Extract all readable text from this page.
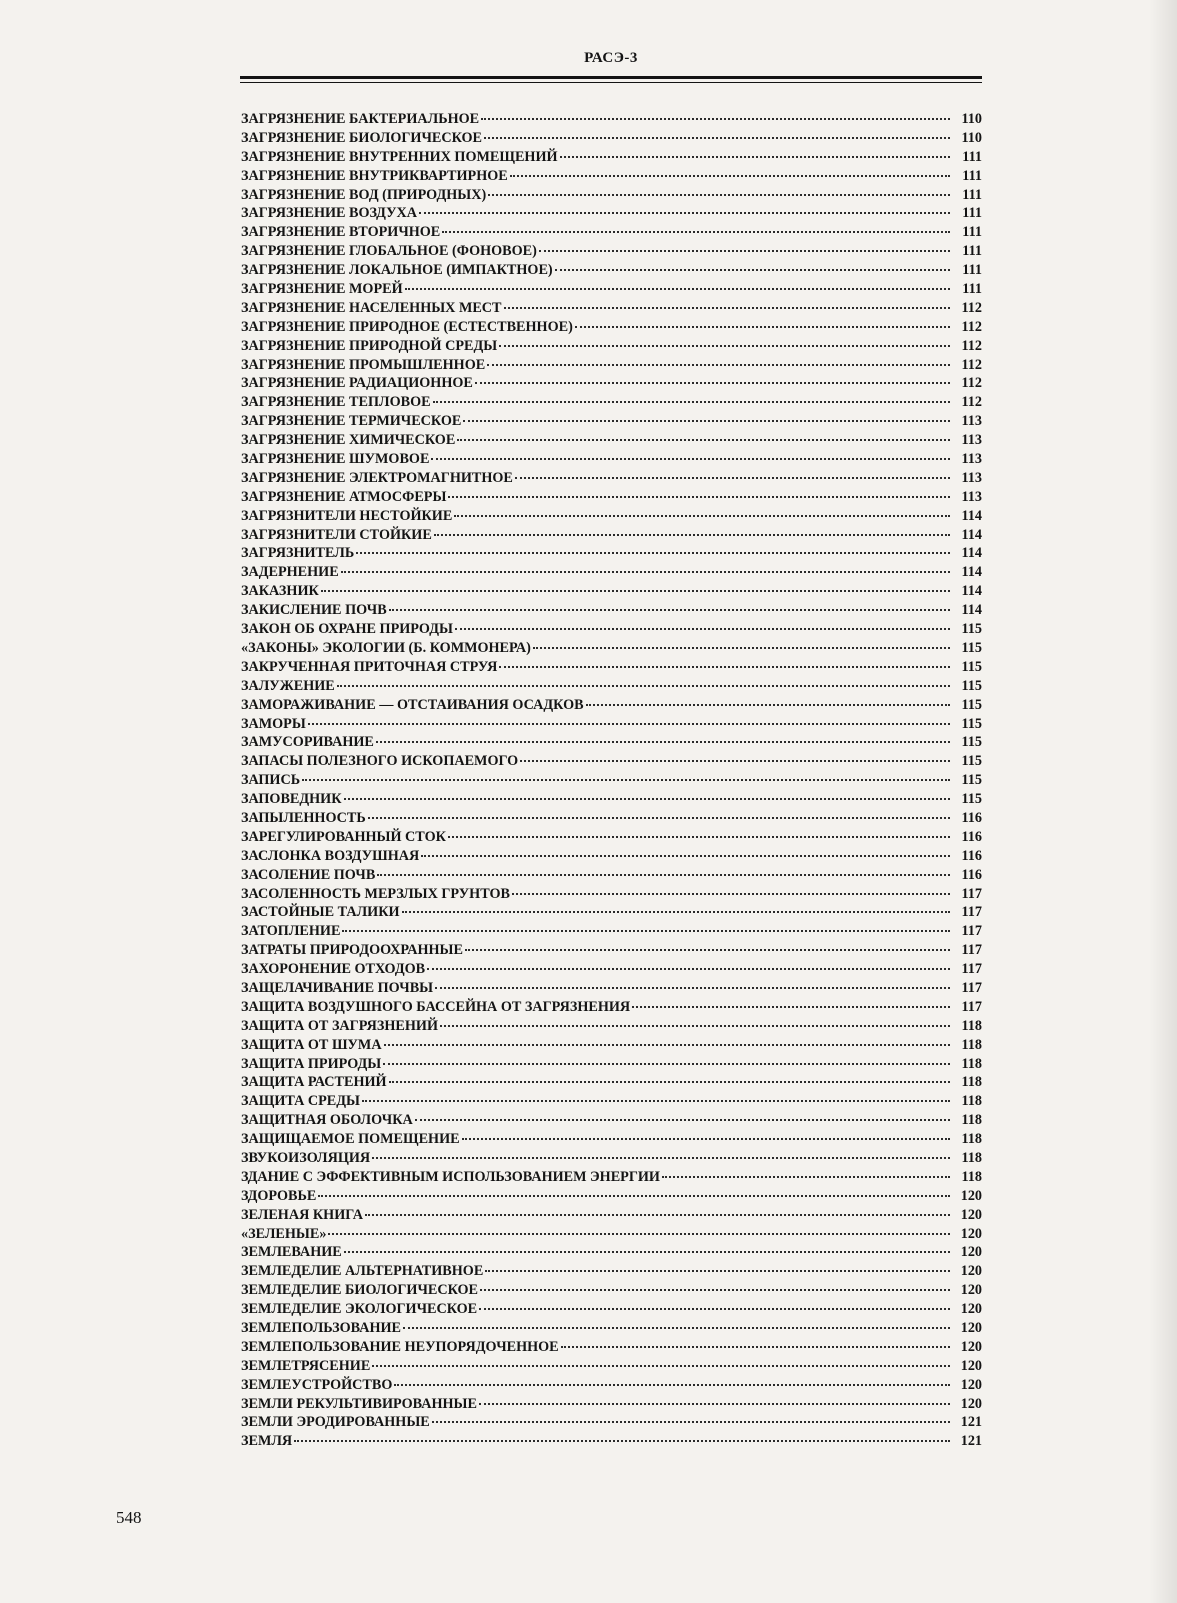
РАСЭ-3
ЗАГРЯЗНЕНИЕ БАКТЕРИАЛЬНОЕ	110
ЗАГРЯЗНЕНИЕ БИОЛОГИЧЕСКОЕ	110
ЗАГРЯЗНЕНИЕ ВНУТРЕННИХ ПОМЕЩЕНИЙ	111
ЗАГРЯЗНЕНИЕ ВНУТРИКВАРТИРНОЕ	111
ЗАГРЯЗНЕНИЕ ВОД (ПРИРОДНЫХ)	111
ЗАГРЯЗНЕНИЕ ВОЗДУХА	111
ЗАГРЯЗНЕНИЕ ВТОРИЧНОЕ	111
ЗАГРЯЗНЕНИЕ ГЛОБАЛЬНОЕ (ФОНОВОЕ)	111
ЗАГРЯЗНЕНИЕ ЛОКАЛЬНОЕ (ИМПАКТНОЕ)	111
ЗАГРЯЗНЕНИЕ МОРЕЙ	111
ЗАГРЯЗНЕНИЕ НАСЕЛЕННЫХ МЕСТ	112
ЗАГРЯЗНЕНИЕ ПРИРОДНОЕ (ЕСТЕСТВЕННОЕ)	112
ЗАГРЯЗНЕНИЕ ПРИРОДНОЙ СРЕДЫ	112
ЗАГРЯЗНЕНИЕ ПРОМЫШЛЕННОЕ	112
ЗАГРЯЗНЕНИЕ РАДИАЦИОННОЕ	112
ЗАГРЯЗНЕНИЕ ТЕПЛОВОЕ	112
ЗАГРЯЗНЕНИЕ ТЕРМИЧЕСКОЕ	113
ЗАГРЯЗНЕНИЕ ХИМИЧЕСКОЕ	113
ЗАГРЯЗНЕНИЕ ШУМОВОЕ	113
ЗАГРЯЗНЕНИЕ ЭЛЕКТРОМАГНИТНОЕ	113
ЗАГРЯЗНЕНИЕ АТМОСФЕРЫ	113
ЗАГРЯЗНИТЕЛИ НЕСТОЙКИЕ	114
ЗАГРЯЗНИТЕЛИ СТОЙКИЕ	114
ЗАГРЯЗНИТЕЛЬ	114
ЗАДЕРНЕНИЕ	114
ЗАКАЗНИК	114
ЗАКИСЛЕНИЕ ПОЧВ	114
ЗАКОН ОБ ОХРАНЕ ПРИРОДЫ	115
«ЗАКОНЫ» ЭКОЛОГИИ (Б. КОММОНЕРА)	115
ЗАКРУЧЕННАЯ ПРИТОЧНАЯ СТРУЯ	115
ЗАЛУЖЕНИЕ	115
ЗАМОРАЖИВАНИЕ — ОТСТАИВАНИЯ ОСАДКОВ	115
ЗАМОРЫ	115
ЗАМУСОРИВАНИЕ	115
ЗАПАСЫ ПОЛЕЗНОГО ИСКОПАЕМОГО	115
ЗАПИСЬ	115
ЗАПОВЕДНИК	115
ЗАПЫЛЕННОСТЬ	116
ЗАРЕГУЛИРОВАННЫЙ СТОК	116
ЗАСЛОНКА ВОЗДУШНАЯ	116
ЗАСОЛЕНИЕ ПОЧВ	116
ЗАСОЛЕННОСТЬ МЕРЗЛЫХ ГРУНТОВ	117
ЗАСТОЙНЫЕ ТАЛИКИ	117
ЗАТОПЛЕНИЕ	117
ЗАТРАТЫ ПРИРОДООХРАННЫЕ	117
ЗАХОРОНЕНИЕ ОТХОДОВ	117
ЗАЩЕЛАЧИВАНИЕ ПОЧВЫ	117
ЗАЩИТА ВОЗДУШНОГО БАССЕЙНА ОТ ЗАГРЯЗНЕНИЯ	117
ЗАЩИТА ОТ ЗАГРЯЗНЕНИЙ	118
ЗАЩИТА ОТ ШУМА	118
ЗАЩИТА ПРИРОДЫ	118
ЗАЩИТА РАСТЕНИЙ	118
ЗАЩИТА СРЕДЫ	118
ЗАЩИТНАЯ ОБОЛОЧКА	118
ЗАЩИЩАЕМОЕ ПОМЕЩЕНИЕ	118
ЗВУКОИЗОЛЯЦИЯ	118
ЗДАНИЕ С ЭФФЕКТИВНЫМ ИСПОЛЬЗОВАНИЕМ ЭНЕРГИИ	118
ЗДОРОВЬЕ	120
ЗЕЛЕНАЯ КНИГА	120
«ЗЕЛЕНЫЕ»	120
ЗЕМЛЕВАНИЕ	120
ЗЕМЛЕДЕЛИЕ АЛЬТЕРНАТИВНОЕ	120
ЗЕМЛЕДЕЛИЕ БИОЛОГИЧЕСКОЕ	120
ЗЕМЛЕДЕЛИЕ ЭКОЛОГИЧЕСКОЕ	120
ЗЕМЛЕПОЛЬЗОВАНИЕ	120
ЗЕМЛЕПОЛЬЗОВАНИЕ НЕУПОРЯДОЧЕННОЕ	120
ЗЕМЛЕТРЯСЕНИЕ	120
ЗЕМЛЕУСТРОЙСТВО	120
ЗЕМЛИ РЕКУЛЬТИВИРОВАННЫЕ	120
ЗЕМЛИ ЭРОДИРОВАННЫЕ	121
ЗЕМЛЯ	121
548
